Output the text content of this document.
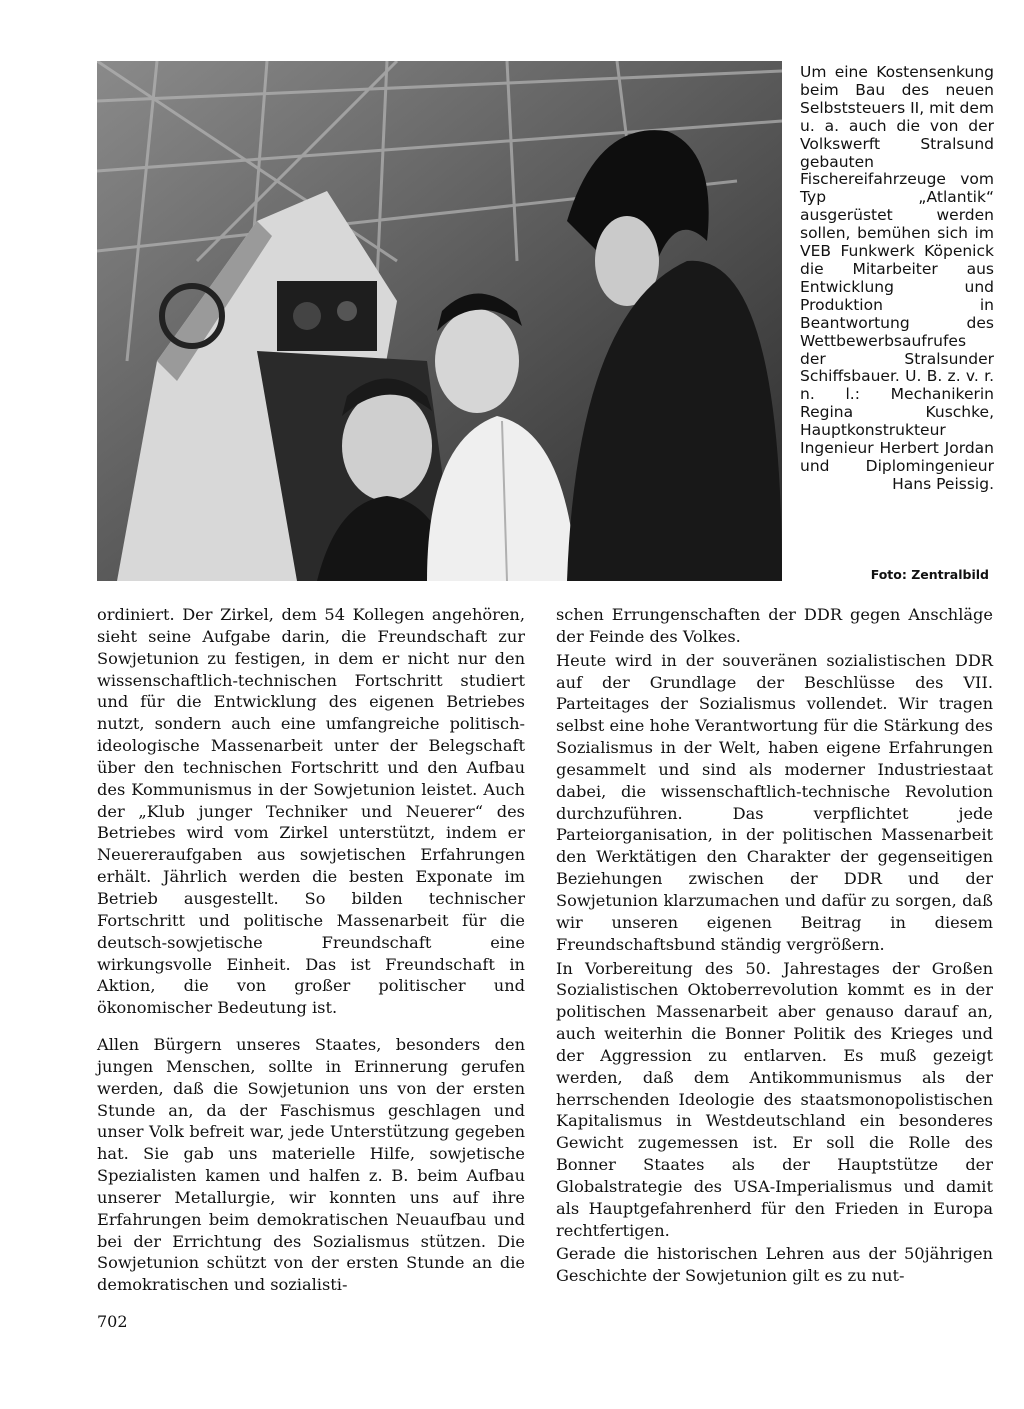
Um eine Kostensenkung beim Bau des neuen Selbststeuers II, mit dem u. a. auch die von der Volkswerft Stralsund gebauten Fischereifahrzeuge vom Typ „Atlantik“ ausgerüstet werden sollen, bemühen sich im VEB Funkwerk Köpenick die Mitarbeiter aus Entwicklung und Produktion in Beantwortung des Wettbewerbsaufrufes der Stralsunder Schiffsbauer. U. B. z. v. r. n. l.: Mechanikerin Regina Kuschke, Hauptkonstrukteur Ingenieur Herbert Jordan und Diplomingenieur Hans Peissig.

Foto: Zentralbild

ordiniert. Der Zirkel, dem 54 Kollegen angehören, sieht seine Aufgabe darin, die Freundschaft zur Sowjetunion zu festigen, in dem er nicht nur den wissenschaftlich-technischen Fortschritt studiert und für die Entwicklung des eigenen Betriebes nutzt, sondern auch eine umfangreiche politisch-ideologische Massenarbeit unter der Belegschaft über den technischen Fortschritt und den Aufbau des Kommunismus in der Sowjetunion leistet. Auch der „Klub junger Techniker und Neuerer“ des Betriebes wird vom Zirkel unterstützt, indem er Neuereraufgaben aus sowjetischen Erfahrungen erhält. Jährlich werden die besten Exponate im Betrieb ausgestellt. So bilden technischer Fortschritt und politische Massenarbeit für die deutsch-sowjetische Freundschaft eine wirkungsvolle Einheit. Das ist Freundschaft in Aktion, die von großer politischer und ökonomischer Bedeutung ist.

Allen Bürgern unseres Staates, besonders den jungen Menschen, sollte in Erinnerung gerufen werden, daß die Sowjetunion uns von der ersten Stunde an, da der Faschismus geschlagen und unser Volk befreit war, jede Unterstützung gegeben hat. Sie gab uns materielle Hilfe, sowjetische Spezialisten kamen und halfen z. B. beim Aufbau unserer Metallurgie, wir konnten uns auf ihre Erfahrungen beim demokratischen Neuaufbau und bei der Errichtung des Sozialismus stützen. Die Sowjetunion schützt von der ersten Stunde an die demokratischen und sozialisti-

schen Errungenschaften der DDR gegen Anschläge der Feinde des Volkes.

Heute wird in der souveränen sozialistischen DDR auf der Grundlage der Beschlüsse des VII. Parteitages der Sozialismus vollendet. Wir tragen selbst eine hohe Verantwortung für die Stärkung des Sozialismus in der Welt, haben eigene Erfahrungen gesammelt und sind als moderner Industriestaat dabei, die wissenschaftlich-technische Revolution durchzuführen. Das verpflichtet jede Parteiorganisation, in der politischen Massenarbeit den Werktätigen den Charakter der gegenseitigen Beziehungen zwischen der DDR und der Sowjetunion klarzumachen und dafür zu sorgen, daß wir unseren eigenen Beitrag in diesem Freundschaftsbund ständig vergrößern.

In Vorbereitung des 50. Jahrestages der Großen Sozialistischen Oktoberrevolution kommt es in der politischen Massenarbeit aber genauso darauf an, auch weiterhin die Bonner Politik des Krieges und der Aggression zu entlarven. Es muß gezeigt werden, daß dem Antikommunismus als der herrschenden Ideologie des staatsmonopolistischen Kapitalismus in Westdeutschland ein besonderes Gewicht zugemessen ist. Er soll die Rolle des Bonner Staates als der Hauptstütze der Globalstrategie des USA-Imperialismus und damit als Hauptgefahrenherd für den Frieden in Europa rechtfertigen.

Gerade die historischen Lehren aus der 50jährigen Geschichte der Sowjetunion gilt es zu nut-

702
